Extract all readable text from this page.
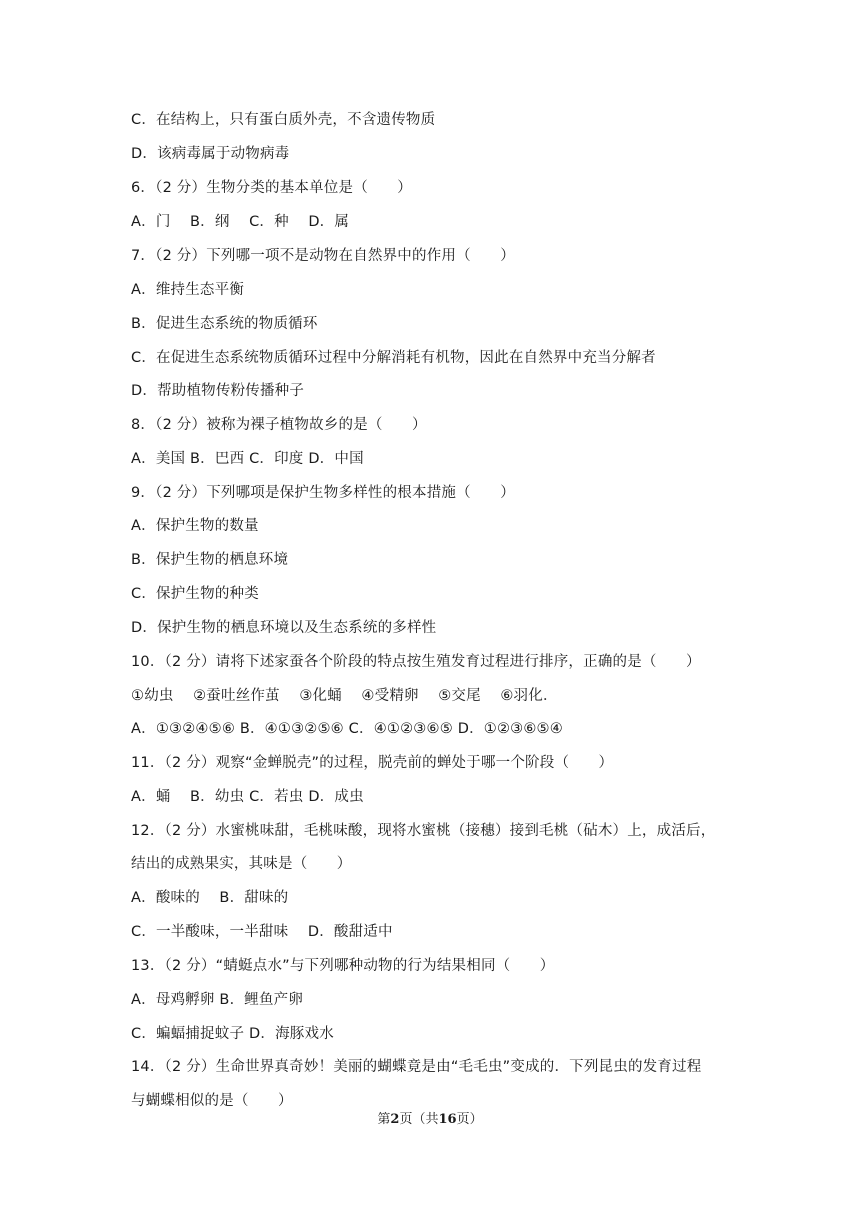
C．在结构上，只有蛋白质外壳，不含遗传物质
D．该病毒属于动物病毒
6．（2 分）生物分类的基本单位是（　　）
A．门　 B．纲　 C．种　 D．属
7．（2 分）下列哪一项不是动物在自然界中的作用（　　）
A．维持生态平衡
B．促进生态系统的物质循环
C．在促进生态系统物质循环过程中分解消耗有机物，因此在自然界中充当分解者
D．帮助植物传粉传播种子
8．（2 分）被称为裸子植物故乡的是（　　）
A．美国 B．巴西 C．印度 D．中国
9．（2 分）下列哪项是保护生物多样性的根本措施（　　）
A．保护生物的数量
B．保护生物的栖息环境
C．保护生物的种类
D．保护生物的栖息环境以及生态系统的多样性
10．（2 分）请将下述家蚕各个阶段的特点按生殖发育过程进行排序，正确的是（　　）
①幼虫　 ②蚕吐丝作茧　 ③化蛹　 ④受精卵　 ⑤交尾　 ⑥羽化．
A．①③②④⑤⑥ B．④①③②⑤⑥ C．④①②③⑥⑤ D．①②③⑥⑤④
11．（2 分）观察“金蝉脱壳”的过程，脱壳前的蝉处于哪一个阶段（　　）
A．蛹　 B．幼虫 C．若虫 D．成虫
12．（2 分）水蜜桃味甜，毛桃味酸，现将水蜜桃（接穗）接到毛桃（砧木）上，成活后，
结出的成熟果实，其味是（　　）
A．酸味的　 B．甜味的
C．一半酸味，一半甜味　 D．酸甜适中
13．（2 分）“蜻蜓点水”与下列哪种动物的行为结果相同（　　）
A．母鸡孵卵 B．鲤鱼产卵
C．蝙蝠捕捉蚊子 D．海豚戏水
14．（2 分）生命世界真奇妙！美丽的蝴蝶竟是由“毛毛虫”变成的．下列昆虫的发育过程
与蝴蝶相似的是（　　）
第2页（共16页）
